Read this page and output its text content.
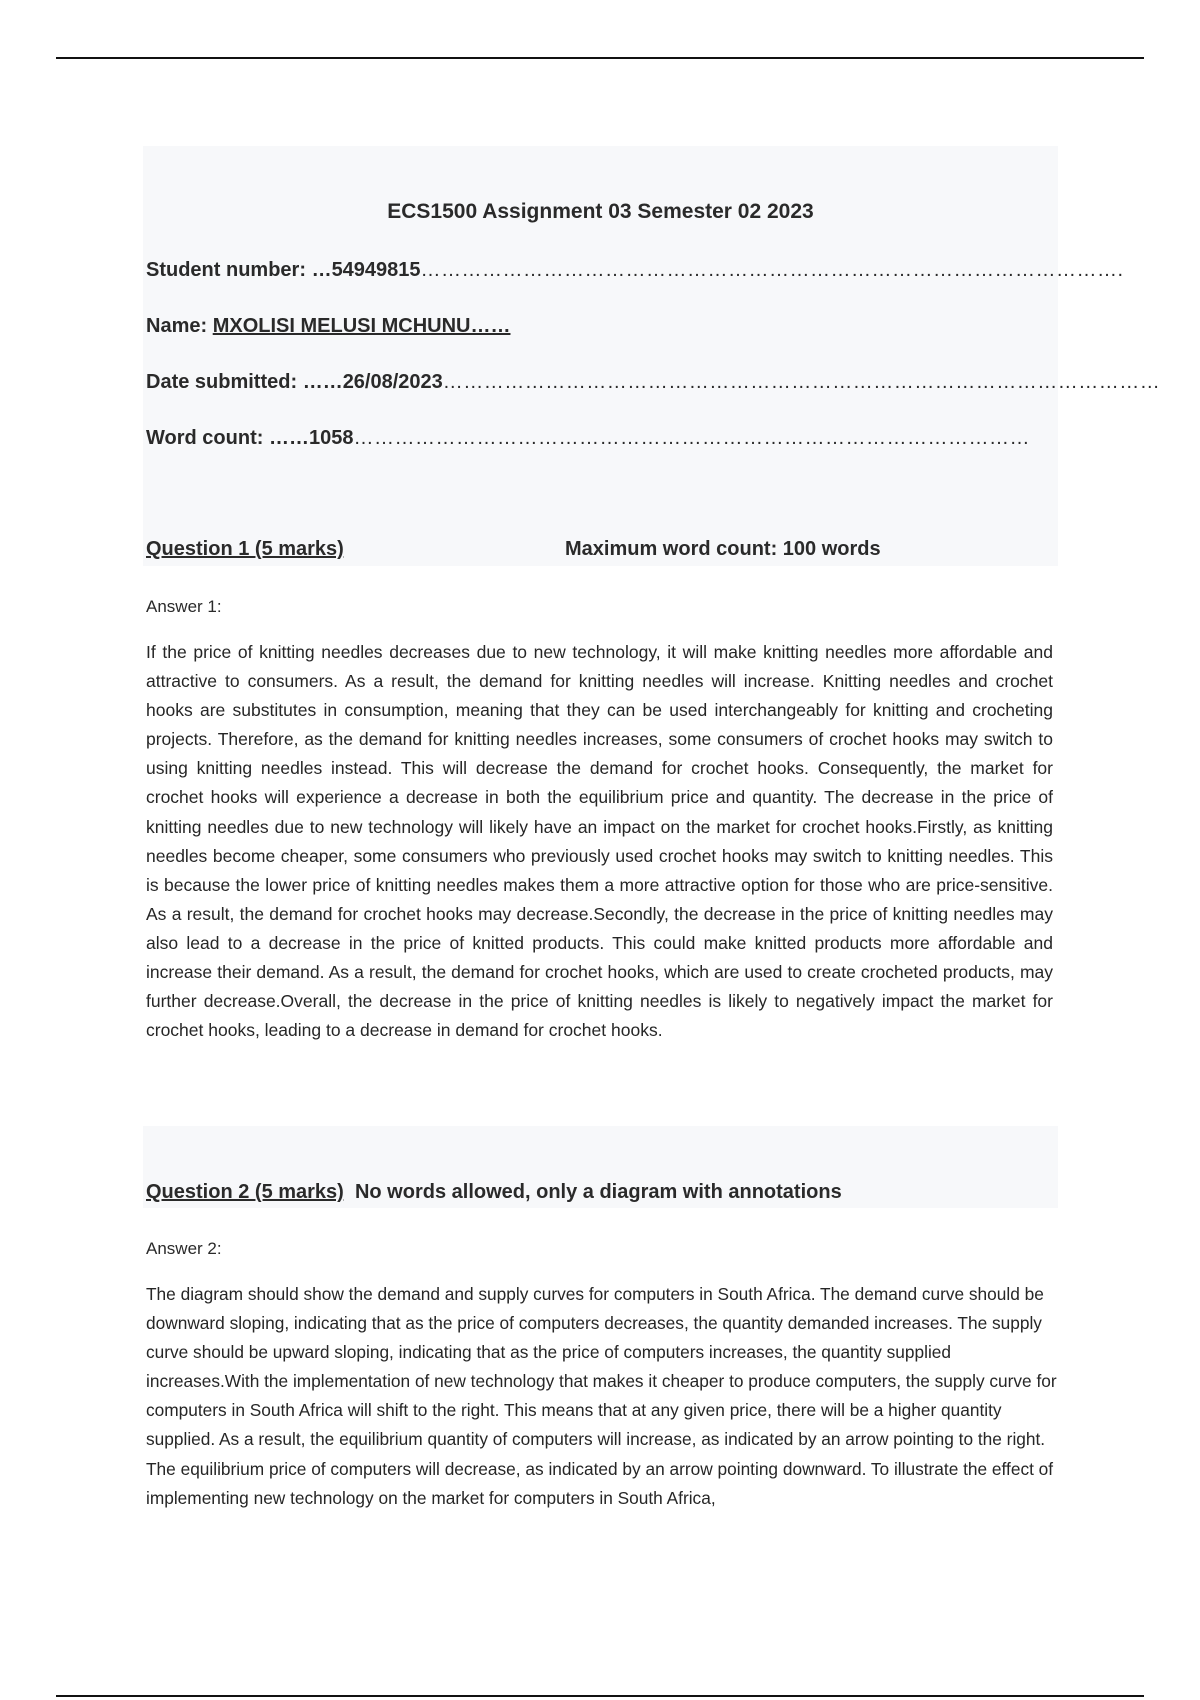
ECS1500 Assignment 03 Semester 02 2023
Student number: …54949815………………………………………………………………………………………….
Name: MXOLISI MELUSI MCHUNU……
Date submitted: ……26/08/2023……………………………………………………………………………………………
Word count: ……1058………………………………………………………………………………………
Question 1 (5 marks)	Maximum word count: 100 words
Answer 1:

If the price of knitting needles decreases due to new technology, it will make knitting needles more affordable and attractive to consumers. As a result, the demand for knitting needles will increase. Knitting needles and crochet hooks are substitutes in consumption, meaning that they can be used interchangeably for knitting and crocheting projects. Therefore, as the demand for knitting needles increases, some consumers of crochet hooks may switch to using knitting needles instead. This will decrease the demand for crochet hooks. Consequently, the market for crochet hooks will experience a decrease in both the equilibrium price and quantity. The decrease in the price of knitting needles due to new technology will likely have an impact on the market for crochet hooks.Firstly, as knitting needles become cheaper, some consumers who previously used crochet hooks may switch to knitting needles. This is because the lower price of knitting needles makes them a more attractive option for those who are price-sensitive. As a result, the demand for crochet hooks may decrease.Secondly, the decrease in the price of knitting needles may also lead to a decrease in the price of knitted products. This could make knitted products more affordable and increase their demand. As a result, the demand for crochet hooks, which are used to create crocheted products, may further decrease.Overall, the decrease in the price of knitting needles is likely to negatively impact the market for crochet hooks, leading to a decrease in demand for crochet hooks.

Question 2 (5 marks) No words allowed, only a diagram with annotations
Answer 2:

The diagram should show the demand and supply curves for computers in South Africa. The demand curve should be downward sloping, indicating that as the price of computers decreases, the quantity demanded increases. The supply curve should be upward sloping, indicating that as the price of computers increases, the quantity supplied increases.With the implementation of new technology that makes it cheaper to produce computers, the supply curve for computers in South Africa will shift to the right. This means that at any given price, there will be a higher quantity supplied. As a result, the equilibrium quantity of computers will increase, as indicated by an arrow pointing to the right. The equilibrium price of computers will decrease, as indicated by an arrow pointing downward. To illustrate the effect of implementing new technology on the market for computers in South Africa,
